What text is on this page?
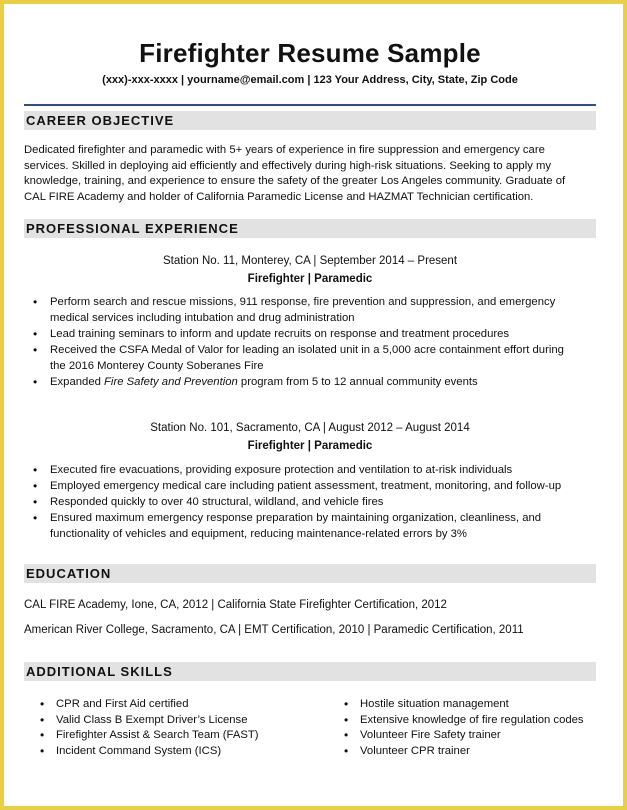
Firefighter Resume Sample
(xxx)-xxx-xxxx | yourname@email.com | 123 Your Address, City, State, Zip Code
CAREER OBJECTIVE
Dedicated firefighter and paramedic with 5+ years of experience in fire suppression and emergency care
services. Skilled in deploying aid efficiently and effectively during high-risk situations. Seeking to apply my
knowledge, training, and experience to ensure the safety of the greater Los Angeles community. Graduate of
CAL FIRE Academy and holder of California Paramedic License and HAZMAT Technician certification.
PROFESSIONAL EXPERIENCE
Station No. 11, Monterey, CA | September 2014 – Present
Firefighter | Paramedic
• Perform search and rescue missions, 911 response, fire prevention and suppression, and emergency
medical services including intubation and drug administration
• Lead training seminars to inform and update recruits on response and treatment procedures
• Received the CSFA Medal of Valor for leading an isolated unit in a 5,000 acre containment effort during
the 2016 Monterey County Soberanes Fire
• Expanded Fire Safety and Prevention program from 5 to 12 annual community events
Station No. 101, Sacramento, CA | August 2012 – August 2014
Firefighter | Paramedic
• Executed fire evacuations, providing exposure protection and ventilation to at-risk individuals
• Employed emergency medical care including patient assessment, treatment, monitoring, and follow-up
• Responded quickly to over 40 structural, wildland, and vehicle fires
• Ensured maximum emergency response preparation by maintaining organization, cleanliness, and
functionality of vehicles and equipment, reducing maintenance-related errors by 3%
EDUCATION
CAL FIRE Academy, Ione, CA, 2012 | California State Firefighter Certification, 2012
American River College, Sacramento, CA | EMT Certification, 2010 | Paramedic Certification, 2011
ADDITIONAL SKILLS
• CPR and First Aid certified
• Valid Class B Exempt Driver’s License
• Firefighter Assist & Search Team (FAST)
• Incident Command System (ICS)
• Hostile situation management
• Extensive knowledge of fire regulation codes
• Volunteer Fire Safety trainer
• Volunteer CPR trainer
